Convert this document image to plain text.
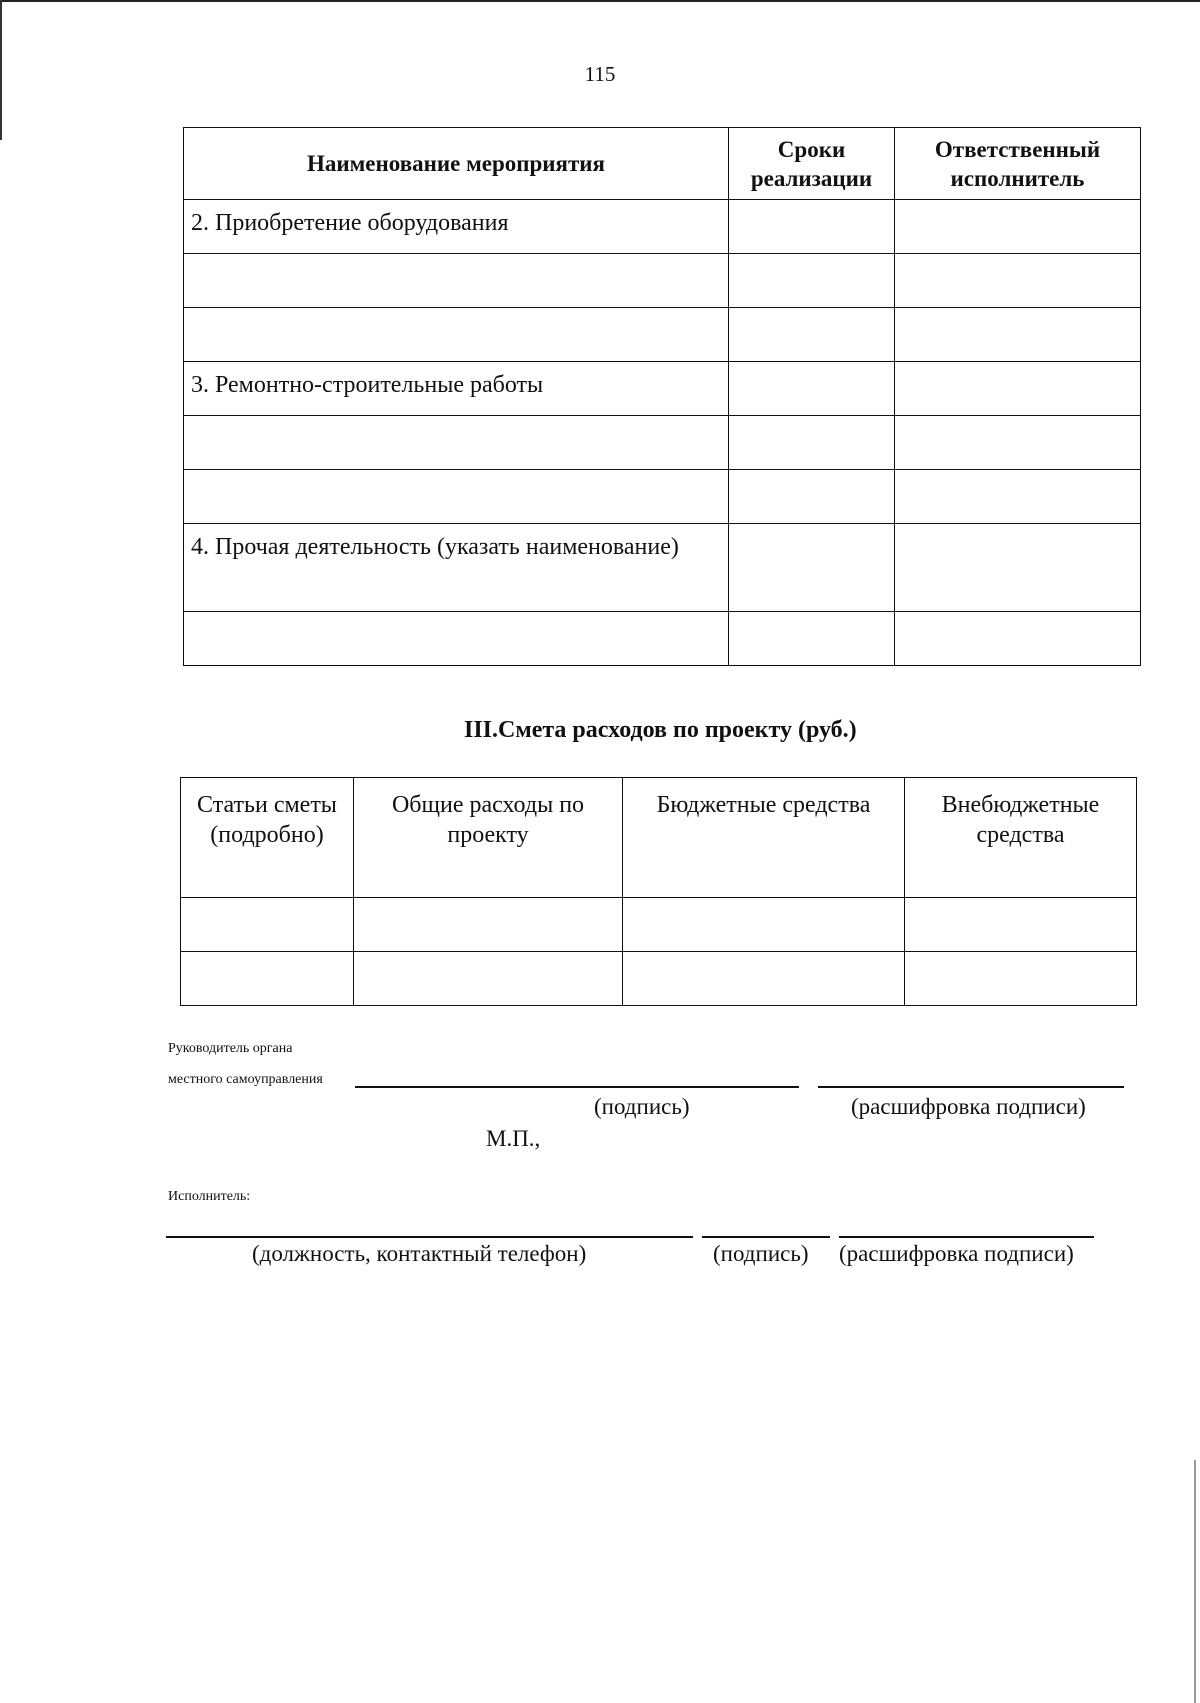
115
Наименование мероприятия	Сроки реализации	Ответственный исполнитель
2. Приобретение оборудования		

3. Ремонтно-строительные работы		

4. Прочая деятельность (указать наименование)		

III.Смета расходов по проекту (руб.)
Статьи сметы (подробно)	Общие расходы по проекту	Бюджетные средства	Внебюджетные средства

Руководитель органа
местного самоуправления
(подпись)	(расшифровка подписи)
М.П.,
Исполнитель:
(должность, контактный телефон)	(подпись) (расшифровка подписи)
